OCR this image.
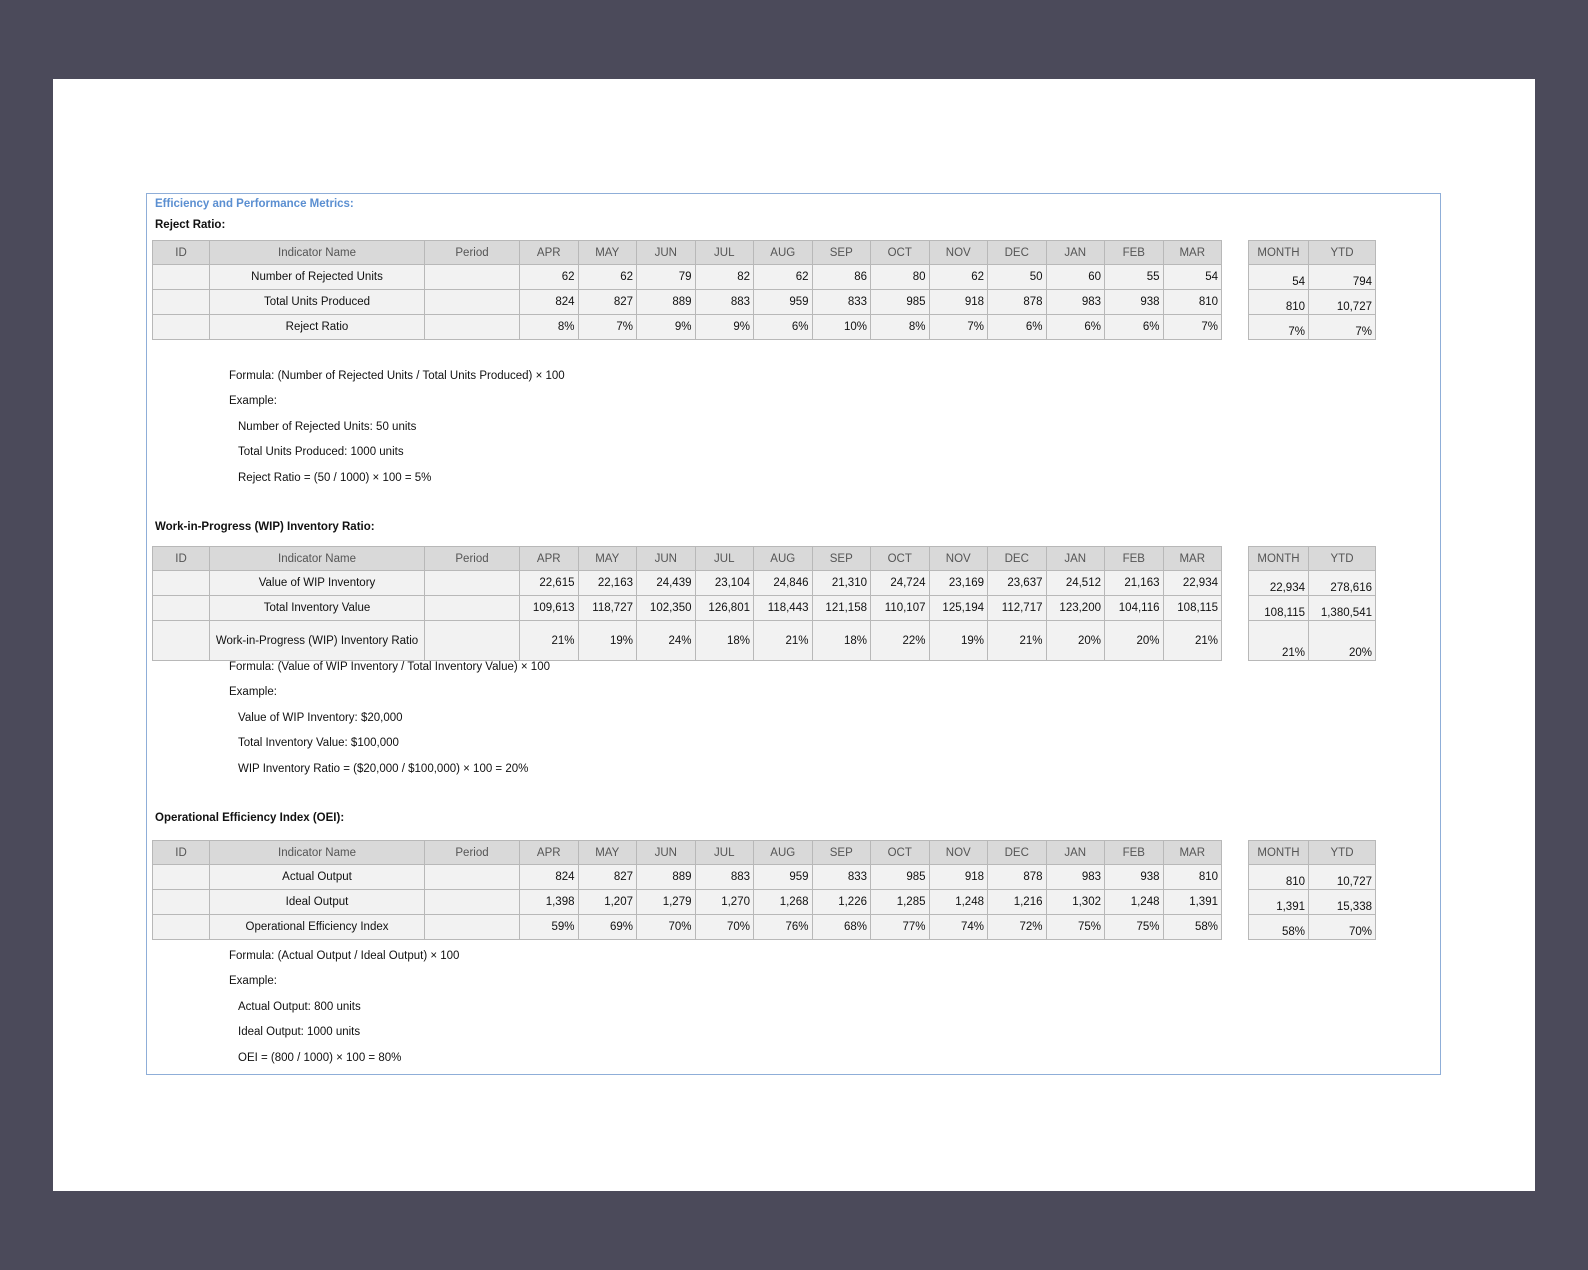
Efficiency and Performance Metrics:
Reject Ratio:
ID	Indicator Name	Period	APR	MAY	JUN	JUL	AUG	SEP	OCT	NOV	DEC	JAN	FEB	MAR
	Number of Rejected Units		62	62	79	82	62	86	80	62	50	60	55	54
	Total Units Produced		824	827	889	883	959	833	985	918	878	983	938	810
	Reject Ratio		8%	7%	9%	9%	6%	10%	8%	7%	6%	6%	6%	7%
MONTH	YTD
54	794
810	10,727
7%	7%
Formula: (Number of Rejected Units / Total Units Produced) × 100
Example:
Number of Rejected Units: 50 units
Total Units Produced: 1000 units
Reject Ratio = (50 / 1000) × 100 = 5%
Work-in-Progress (WIP) Inventory Ratio:
ID	Indicator Name	Period	APR	MAY	JUN	JUL	AUG	SEP	OCT	NOV	DEC	JAN	FEB	MAR
	Value of WIP Inventory		22,615	22,163	24,439	23,104	24,846	21,310	24,724	23,169	23,637	24,512	21,163	22,934
	Total Inventory Value		109,613	118,727	102,350	126,801	118,443	121,158	110,107	125,194	112,717	123,200	104,116	108,115
	Work-in-Progress (WIP) Inventory Ratio		21%	19%	24%	18%	21%	18%	22%	19%	21%	20%	20%	21%
MONTH	YTD
22,934	278,616
108,115	1,380,541
21%	20%
Formula: (Value of WIP Inventory / Total Inventory Value) × 100
Example:
Value of WIP Inventory: $20,000
Total Inventory Value: $100,000
WIP Inventory Ratio = ($20,000 / $100,000) × 100 = 20%
Operational Efficiency Index (OEI):
ID	Indicator Name	Period	APR	MAY	JUN	JUL	AUG	SEP	OCT	NOV	DEC	JAN	FEB	MAR
	Actual Output		824	827	889	883	959	833	985	918	878	983	938	810
	Ideal Output		1,398	1,207	1,279	1,270	1,268	1,226	1,285	1,248	1,216	1,302	1,248	1,391
	Operational Efficiency Index		59%	69%	70%	70%	76%	68%	77%	74%	72%	75%	75%	58%
MONTH	YTD
810	10,727
1,391	15,338
58%	70%
Formula: (Actual Output / Ideal Output) × 100
Example:
Actual Output: 800 units
Ideal Output: 1000 units
OEI = (800 / 1000) × 100 = 80%
